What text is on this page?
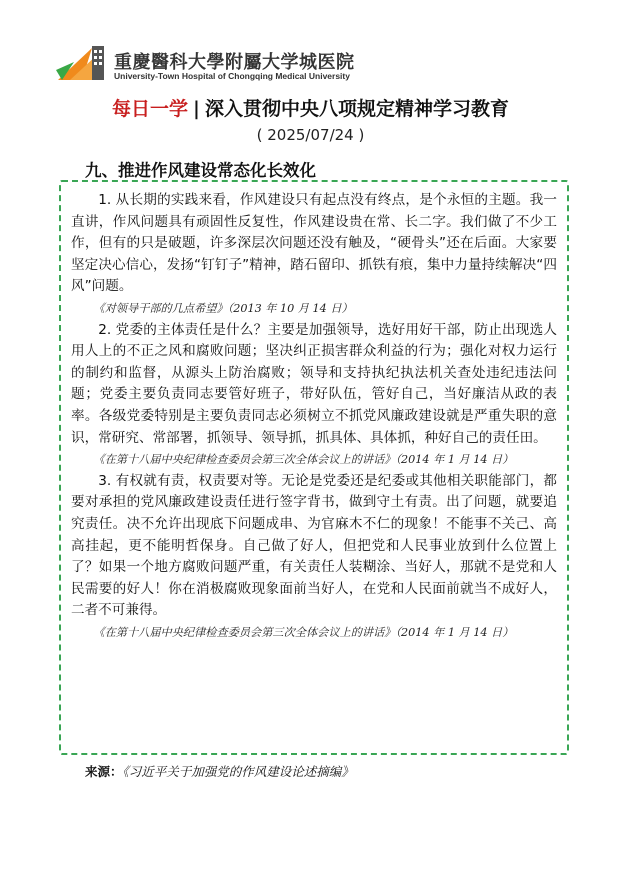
重慶醫科大學附屬大学城医院
University-Town Hospital of Chongqing Medical University
每日一学 | 深入贯彻中央八项规定精神学习教育
( 2025/07/24 )
九、推进作风建设常态化长效化

1. 从长期的实践来看，作风建设只有起点没有终点，是个永恒的主题。我一直讲，作风问题具有顽固性反复性，作风建设贵在常、长二字。我们做了不少工作，但有的只是破题，许多深层次问题还没有触及，“硬骨头”还在后面。大家要坚定决心信心，发扬“钉钉子”精神，踏石留印、抓铁有痕，集中力量持续解决“四风”问题。

《对领导干部的几点希望》（2013 年 10 月 14 日）

2. 党委的主体责任是什么？主要是加强领导，选好用好干部，防止出现选人用人上的不正之风和腐败问题；坚决纠正损害群众利益的行为；强化对权力运行的制约和监督，从源头上防治腐败；领导和支持执纪执法机关查处违纪违法问题；党委主要负责同志要管好班子，带好队伍，管好自己，当好廉洁从政的表率。各级党委特别是主要负责同志必须树立不抓党风廉政建设就是严重失职的意识，常研究、常部署，抓领导、领导抓，抓具体、具体抓，种好自己的责任田。

《在第十八届中央纪律检查委员会第三次全体会议上的讲话》（2014 年 1 月 14 日）

3. 有权就有责，权责要对等。无论是党委还是纪委或其他相关职能部门，都要对承担的党风廉政建设责任进行签字背书，做到守土有责。出了问题，就要追究责任。决不允许出现底下问题成串、为官麻木不仁的现象！不能事不关己、高高挂起，更不能明哲保身。自己做了好人，但把党和人民事业放到什么位置上了？如果一个地方腐败问题严重，有关责任人装糊涂、当好人，那就不是党和人民需要的好人！你在消极腐败现象面前当好人，在党和人民面前就当不成好人，二者不可兼得。

《在第十八届中央纪律检查委员会第三次全体会议上的讲话》（2014 年 1 月 14 日）

来源：《习近平关于加强党的作风建设论述摘编》
